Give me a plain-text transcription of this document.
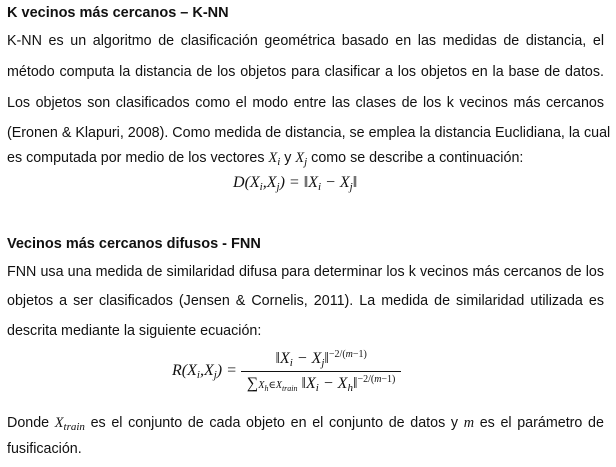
K vecinos más cercanos – K-NN
K-NN es un algoritmo de clasificación geométrica basado en las medidas de distancia, el
método computa la distancia de los objetos para clasificar a los objetos en la base de datos.
Los objetos son clasificados como el modo entre las clases de los k vecinos más cercanos
(Eronen & Klapuri, 2008). Como medida de distancia, se emplea la distancia Euclidiana, la cual
es computada por medio de los vectores $X_i$ y $X_j$ como se describe a continuación:
$D(X_i,X_j)$ = $‖X_i$ − $X_j‖$
Vecinos más cercanos difusos - FNN
FNN usa una medida de similaridad difusa para determinar los k vecinos más cercanos de los
objetos a ser clasificados (Jensen & Cornelis, 2011). La medida de similaridad utilizada es
descrita mediante la siguiente ecuación:
$R(X_i,X_j)$ =
$‖X_i$ − $X_j‖^{-2/(m-1)}$
$\sum X_h\in X_{train}$ $‖X_i$ − $X_h‖^{-2/(m-1)}$
Donde $X_{train}$ es el conjunto de cada objeto en el conjunto de datos y m es el parámetro de
fusificación.
